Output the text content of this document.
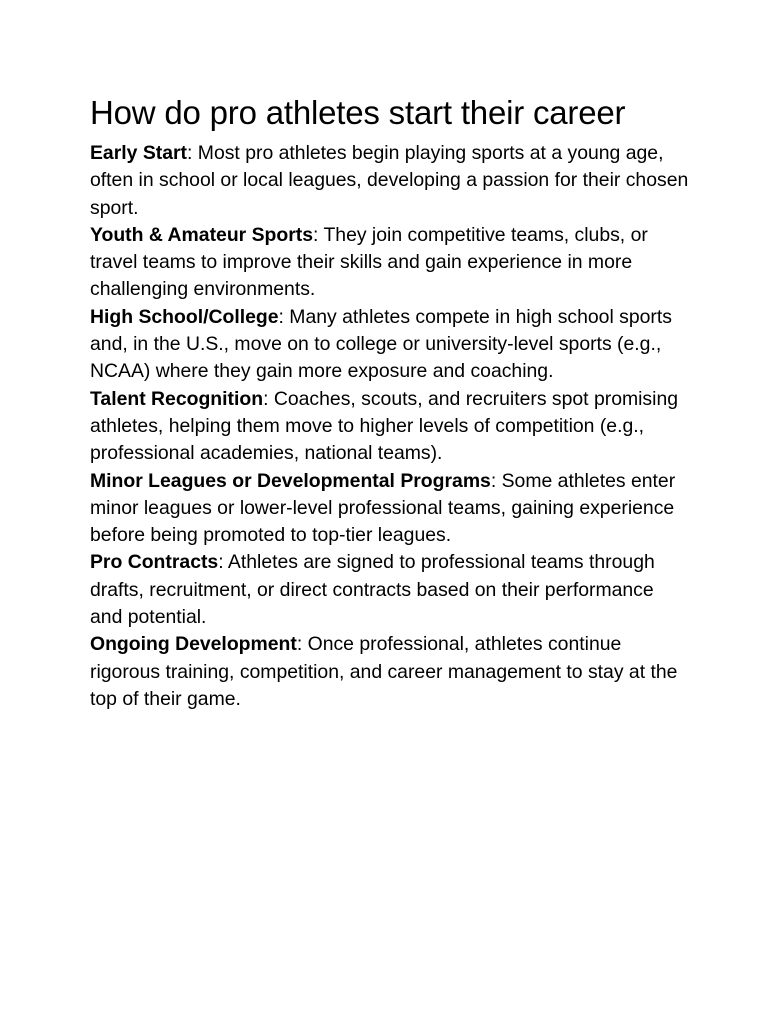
How do pro athletes start their career

Early Start: Most pro athletes begin playing sports at a young age, often in school or local leagues, developing a passion for their chosen sport.

Youth & Amateur Sports: They join competitive teams, clubs, or travel teams to improve their skills and gain experience in more challenging environments.

High School/College: Many athletes compete in high school sports and, in the U.S., move on to college or university-level sports (e.g., NCAA) where they gain more exposure and coaching.

Talent Recognition: Coaches, scouts, and recruiters spot promising athletes, helping them move to higher levels of competition (e.g., professional academies, national teams).

Minor Leagues or Developmental Programs: Some athletes enter minor leagues or lower-level professional teams, gaining experience before being promoted to top-tier leagues.

Pro Contracts: Athletes are signed to professional teams through drafts, recruitment, or direct contracts based on their performance and potential.

Ongoing Development: Once professional, athletes continue rigorous training, competition, and career management to stay at the top of their game.
